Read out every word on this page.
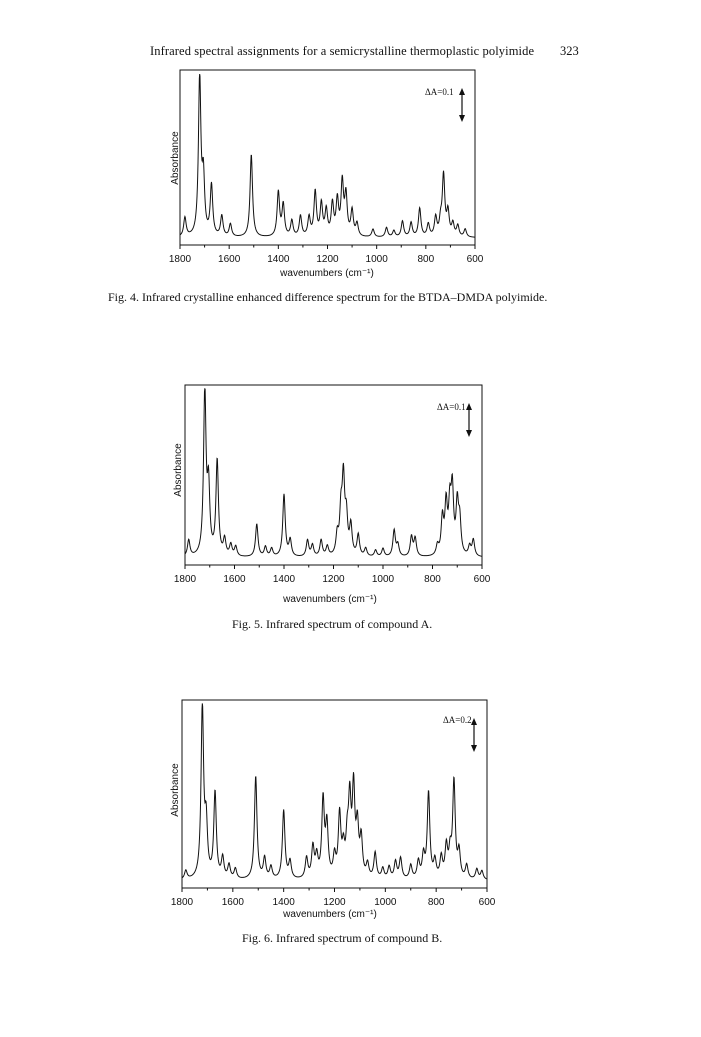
Infrared spectral assignments for a semicrystalline thermoplastic polyimide	323
Absorbance
wavenumbers (cm⁻¹)
ΔA=0.1
1800	1600	1400	1200	1000	800	600
Fig. 4. Infrared crystalline enhanced difference spectrum for the BTDA–DMDA polyimide.
Absorbance
wavenumbers (cm⁻¹)
ΔA=0.1
1800	1600	1400	1200	1000	800	600
Fig. 5. Infrared spectrum of compound A.
Absorbance
wavenumbers (cm⁻¹)
ΔA=0.2
1800	1600	1400	1200	1000	800	600
Fig. 6. Infrared spectrum of compound B.
